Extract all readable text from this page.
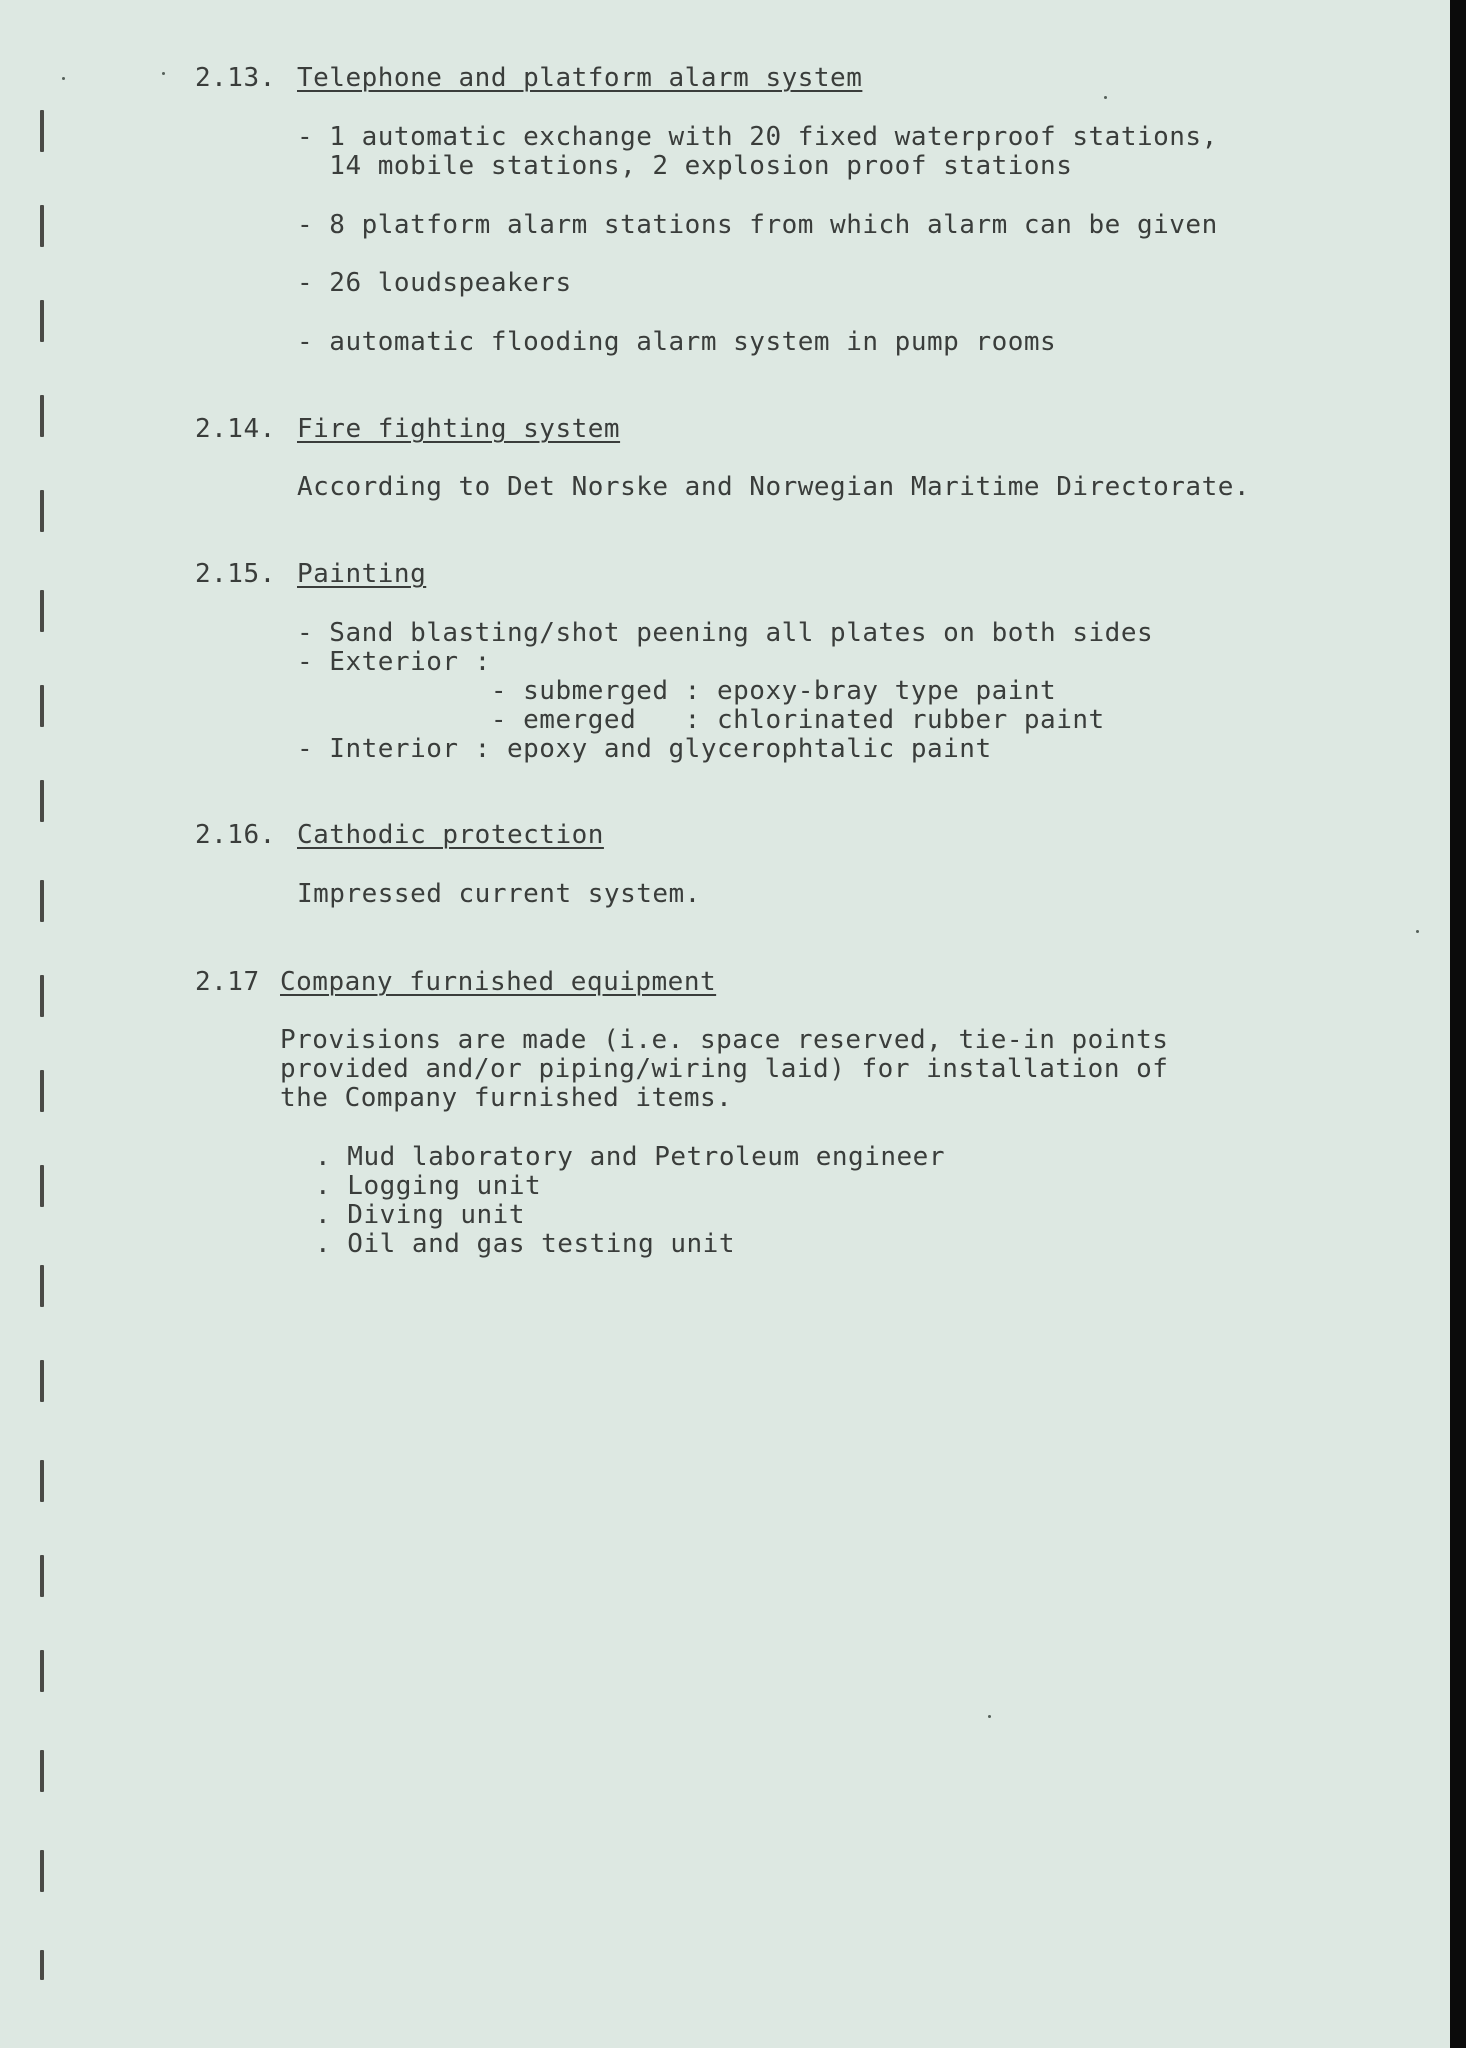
2.13. Telephone and platform alarm system
- 1 automatic exchange with 20 fixed waterproof stations,
14 mobile stations, 2 explosion proof stations
- 8 platform alarm stations from which alarm can be given
- 26 loudspeakers
- automatic flooding alarm system in pump rooms
2.14. Fire fighting system
According to Det Norske and Norwegian Maritime Directorate.
2.15. Painting
- Sand blasting/shot peening all plates on both sides
- Exterior :
- submerged : epoxy-bray type paint
- emerged   : chlorinated rubber paint
- Interior : epoxy and glycerophtalic paint
2.16. Cathodic protection
Impressed current system.
2.17 Company furnished equipment
Provisions are made (i.e. space reserved, tie-in points
provided and/or piping/wiring laid) for installation of
the Company furnished items.
. Mud laboratory and Petroleum engineer
. Logging unit
. Diving unit
. Oil and gas testing unit
